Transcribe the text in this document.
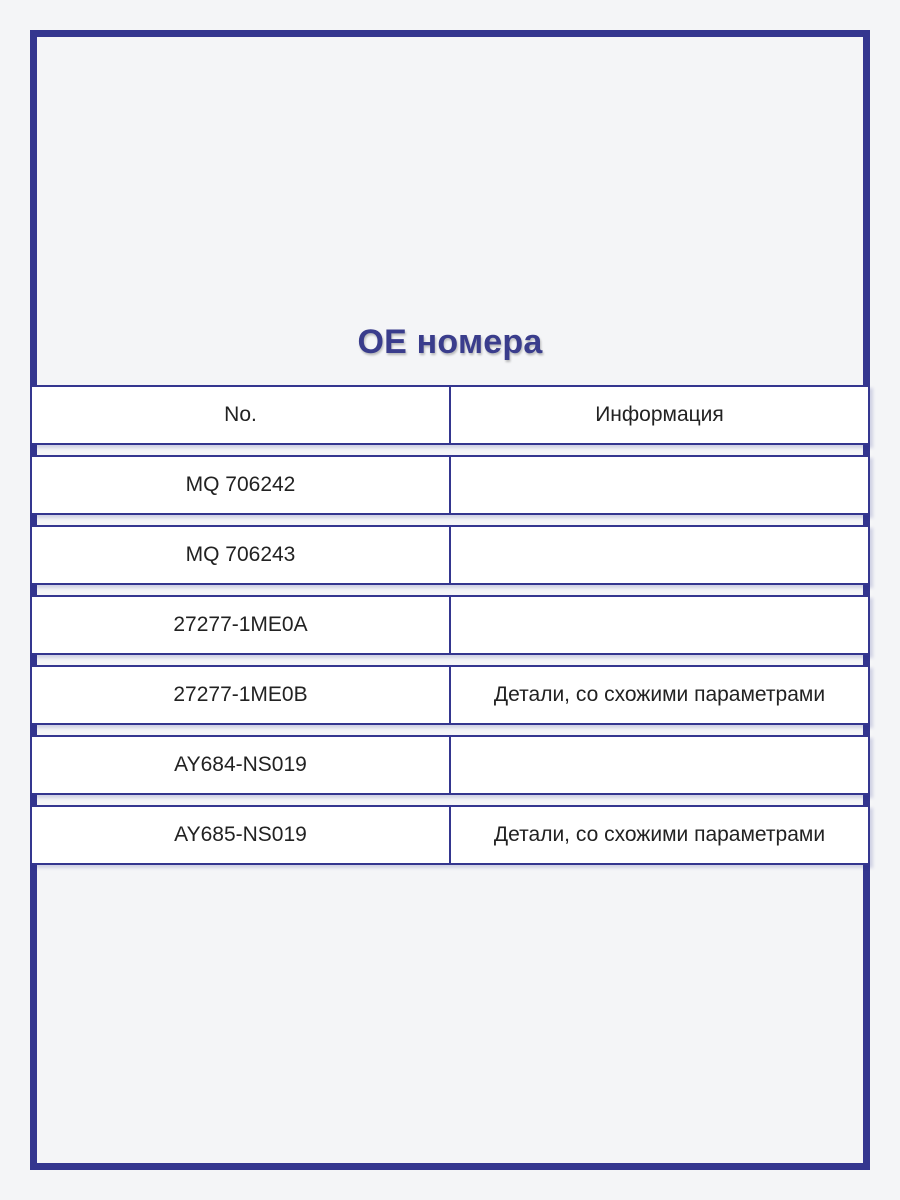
OE номера
No.	Информация
MQ 706242
MQ 706243
27277-1ME0A
27277-1ME0B	Детали, со схожими параметрами
AY684-NS019
AY685-NS019	Детали, со схожими параметрами
